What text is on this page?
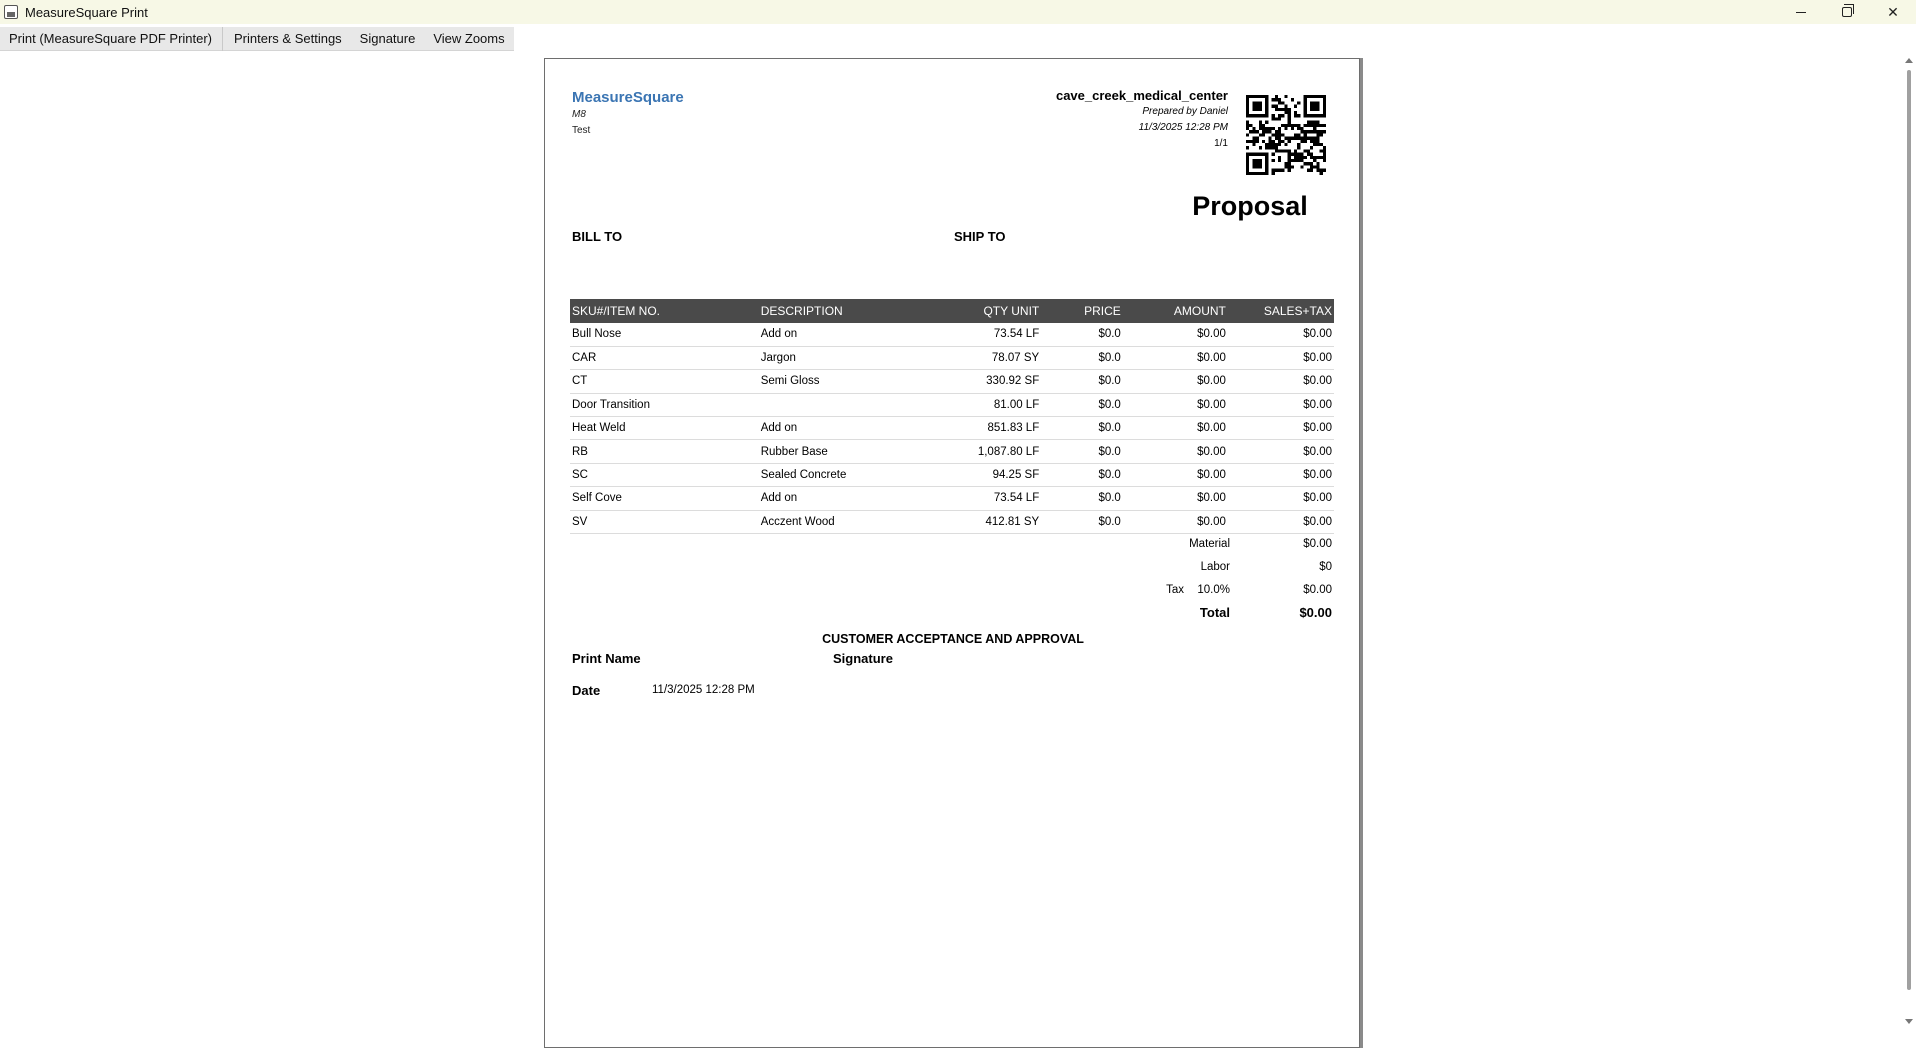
MeasureSquare Print	✕
Print (MeasureSquare PDF Printer)	Printers & Settings	Signature	View Zooms
MeasureSquare
M8
Test
cave_creek_medical_center
Prepared by Daniel
11/3/2025 12:28 PM
1/1
Proposal
BILL TO	SHIP TO
SKU#/ITEM NO.	DESCRIPTION	QTY UNIT	PRICE	AMOUNT	SALES+TAX
Bull Nose	Add on	73.54 LF	$0.0	$0.00	$0.00
CAR	Jargon	78.07 SY	$0.0	$0.00	$0.00
CT	Semi Gloss	330.92 SF	$0.0	$0.00	$0.00
Door Transition		81.00 LF	$0.0	$0.00	$0.00
Heat Weld	Add on	851.83 LF	$0.0	$0.00	$0.00
RB	Rubber Base	1,087.80 LF	$0.0	$0.00	$0.00
SC	Sealed Concrete	94.25 SF	$0.0	$0.00	$0.00
Self Cove	Add on	73.54 LF	$0.0	$0.00	$0.00
SV	Acczent Wood	412.81 SY	$0.0	$0.00	$0.00
Material	$0.00
Labor	$0
Tax 10.0%	$0.00
Total	$0.00
CUSTOMER ACCEPTANCE AND APPROVAL
Print Name	Signature
Date	11/3/2025 12:28 PM
